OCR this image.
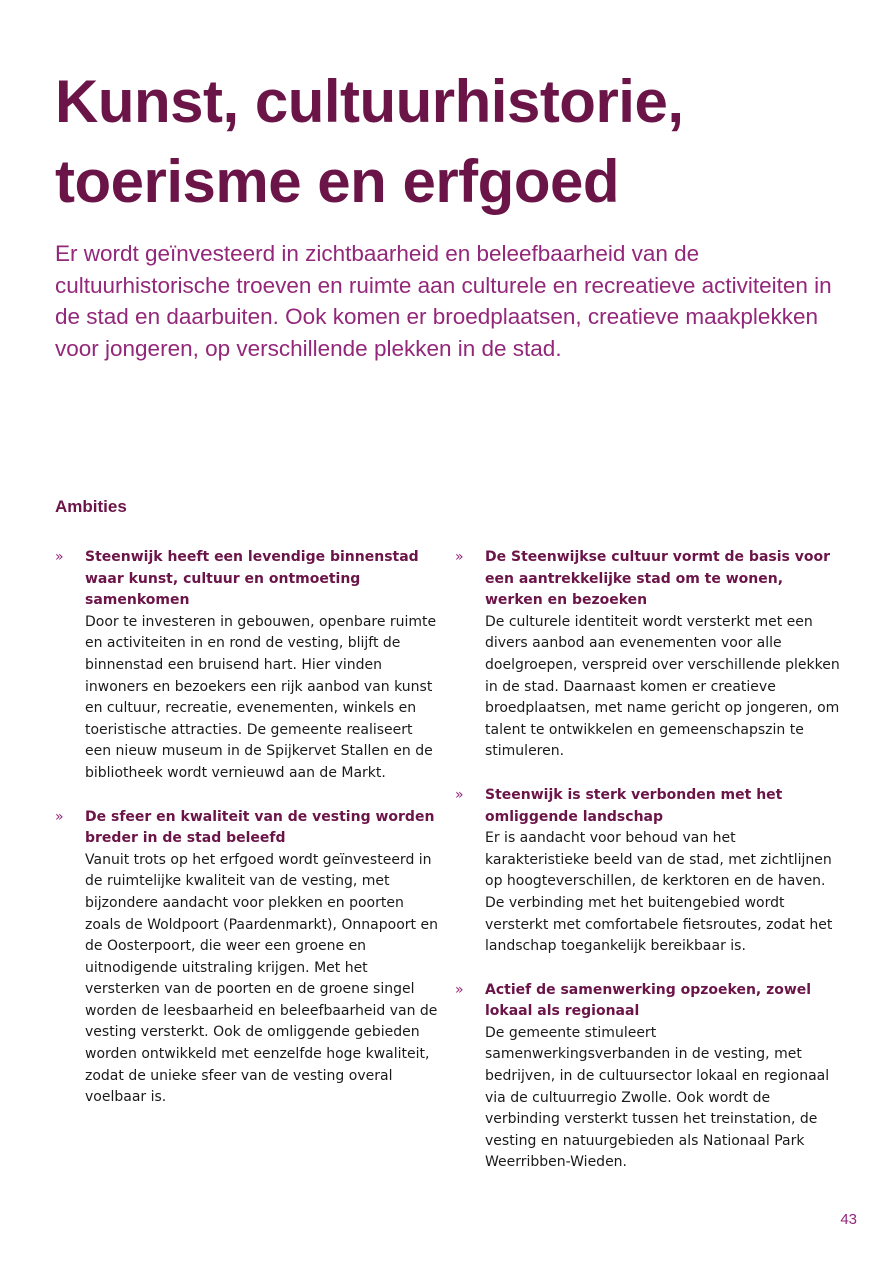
Kunst, cultuurhistorie,
toerisme en erfgoed

Er wordt geïnvesteerd in zichtbaarheid en beleefbaarheid van de cultuurhistorische troeven en ruimte aan culturele en recreatieve activiteiten in de stad en daarbuiten. Ook komen er broedplaatsen, creatieve maakplekken voor jongeren, op verschillende plekken in de stad.

Ambities
» Steenwijk heeft een levendige binnenstad waar kunst, cultuur en ontmoeting samenkomen

Door te investeren in gebouwen, openbare ruimte en activiteiten in en rond de vesting, blijft de binnenstad een bruisend hart. Hier vinden inwoners en bezoekers een rijk aanbod van kunst en cultuur, recreatie, evenementen, winkels en toeristische attracties. De gemeente realiseert een nieuw museum in de Spijkervet Stallen en de bibliotheek wordt vernieuwd aan de Markt.

» De sfeer en kwaliteit van de vesting worden breder in de stad beleefd

Vanuit trots op het erfgoed wordt geïnvesteerd in de ruimtelijke kwaliteit van de vesting, met bijzondere aandacht voor plekken en poorten zoals de Woldpoort (Paardenmarkt), Onnapoort en de Oosterpoort, die weer een groene en uitnodigende uitstraling krijgen. Met het versterken van de poorten en de groene singel worden de leesbaarheid en beleefbaarheid van de vesting versterkt. Ook de omliggende gebieden worden ontwikkeld met eenzelfde hoge kwaliteit, zodat de unieke sfeer van de vesting overal voelbaar is.

» De Steenwijkse cultuur vormt de basis voor een aantrekkelijke stad om te wonen, werken en bezoeken

De culturele identiteit wordt versterkt met een divers aanbod aan evenementen voor alle doelgroepen, verspreid over verschillende plekken in de stad. Daarnaast komen er creatieve broedplaatsen, met name gericht op jongeren, om talent te ontwikkelen en gemeenschapszin te stimuleren.

» Steenwijk is sterk verbonden met het omliggende landschap

Er is aandacht voor behoud van het karakteristieke beeld van de stad, met zichtlijnen op hoogteverschillen, de kerktoren en de haven. De verbinding met het buitengebied wordt versterkt met comfortabele fietsroutes, zodat het landschap toegankelijk bereikbaar is.

» Actief de samenwerking opzoeken, zowel lokaal als regionaal

De gemeente stimuleert samenwerkingsverbanden in de vesting, met bedrijven, in de cultuursector lokaal en regionaal via de cultuurregio Zwolle. Ook wordt de verbinding versterkt tussen het treinstation, de vesting en natuurgebieden als Nationaal Park Weerribben-Wieden.

43
